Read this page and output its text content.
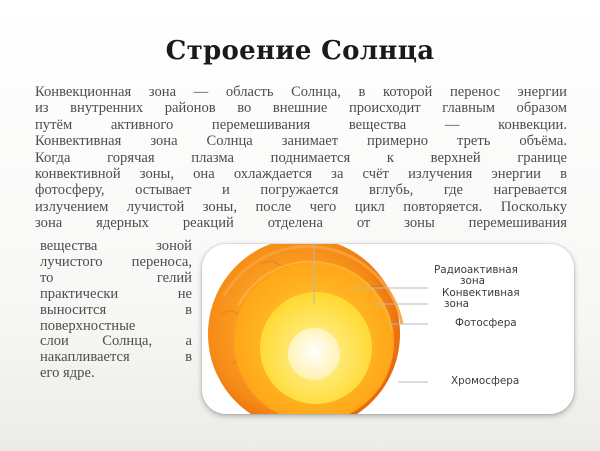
Строение Солнца
Конвекционная зона — область Солнца, в которой перенос энергии
из внутренних районов во внешние происходит главным образом
путём активного перемешивания вещества — конвекции.
Конвективная зона Солнца занимает примерно треть объёма.
Когда горячая плазма поднимается к верхней границе
конвективной зоны, она охлаждается за счёт излучения энергии в
фотосферу, остывает и погружается вглубь, где нагревается
излучением лучистой зоны, после чего цикл повторяется. Поскольку
зона ядерных реакций отделена от зоны перемешивания
вещества зоной
лучистого переноса,
то гелий
практически не
выносится в
поверхностные
слои Солнца, а
накапливается в
его ядре.
Радиоактивная
зона
Конвективная
зона
Фотосфера
Хромосфера
